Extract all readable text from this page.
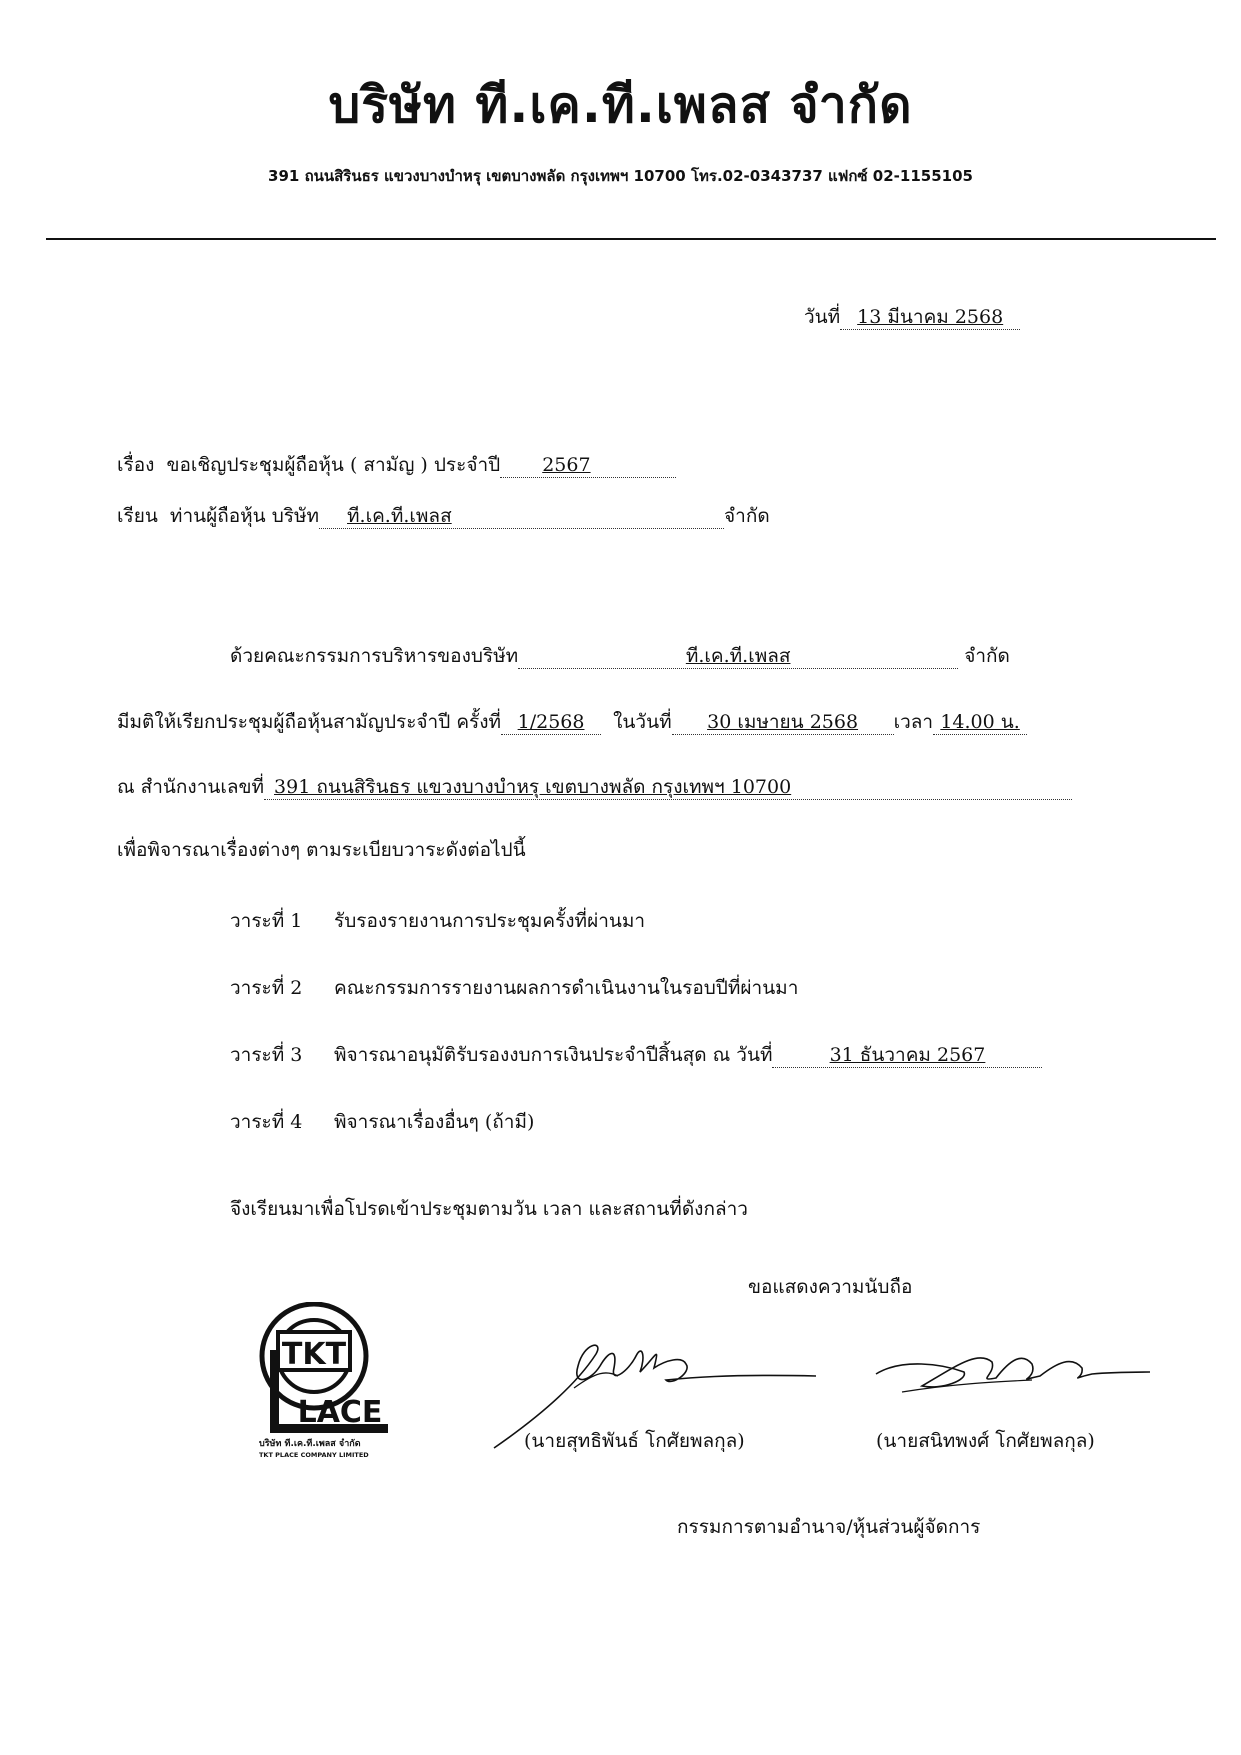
บริษัท ที.เค.ที.เพลส จำกัด
391 ถนนสิรินธร แขวงบางบำหรุ เขตบางพลัด กรุงเทพฯ 10700 โทร.02-0343737 แฟกซ์ 02-1155105
วันที่ 13 มีนาคม 2568
เรื่อง ขอเชิญประชุมผู้ถือหุ้น ( สามัญ ) ประจำปี 2567
เรียน ท่านผู้ถือหุ้น บริษัท ที.เค.ที.เพลส	จำกัด
ด้วยคณะกรรมการบริหารของบริษัท	ที.เค.ที.เพลส	จำกัด
มีมติให้เรียกประชุมผู้ถือหุ้นสามัญประจำปี ครั้งที่ 1/2568 ในวันที่ 30 เมษายน 2568 เวลา 14.00 น.
ณ สำนักงานเลขที่ 391 ถนนสิรินธร แขวงบางบำหรุ เขตบางพลัด กรุงเทพฯ 10700
เพื่อพิจารณาเรื่องต่างๆ ตามระเบียบวาระดังต่อไปนี้
วาระที่ 1 รับรองรายงานการประชุมครั้งที่ผ่านมา
วาระที่ 2 คณะกรรมการรายงานผลการดำเนินงานในรอบปีที่ผ่านมา
วาระที่ 3 พิจารณาอนุมัติรับรองงบการเงินประจำปีสิ้นสุด ณ วันที่	31 ธันวาคม 2567
วาระที่ 4 พิจารณาเรื่องอื่นๆ (ถ้ามี)
จึงเรียนมาเพื่อโปรดเข้าประชุมตามวัน เวลา และสถานที่ดังกล่าว
ขอแสดงความนับถือ
TKT
LACE
บริษัท ที.เค.ที.เพลส จำกัด
TKT PLACE COMPANY LIMITED
(นายสุทธิพันธ์ โกศัยพลกุล)	(นายสนิทพงศ์ โกศัยพลกุล)
กรรมการตามอำนาจ/หุ้นส่วนผู้จัดการ
